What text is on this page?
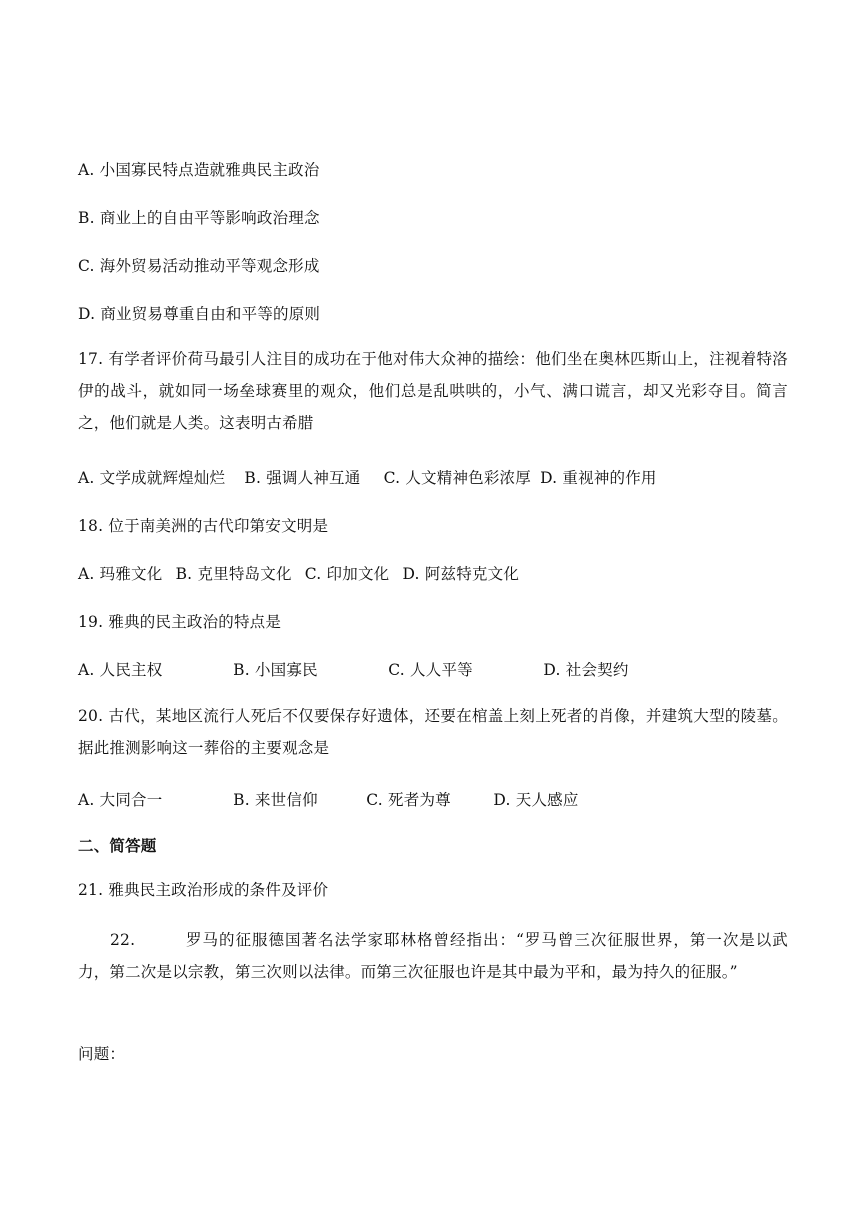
A. 小国寡民特点造就雅典民主政治
B. 商业上的自由平等影响政治理念
C. 海外贸易活动推动平等观念形成
D. 商业贸易尊重自由和平等的原则
17. 有学者评价荷马最引人注目的成功在于他对伟大众神的描绘：他们坐在奥林匹斯山上，注视着特洛伊的战斗，就如同一场垒球赛里的观众，他们总是乱哄哄的，小气、满口谎言，却又光彩夺目。简言之，他们就是人类。这表明古希腊
A. 文学成就辉煌灿烂 B. 强调人神互通 C. 人文精神色彩浓厚 D. 重视神的作用
18. 位于南美洲的古代印第安文明是
A. 玛雅文化 B. 克里特岛文化 C. 印加文化 D. 阿兹特克文化
19. 雅典的民主政治的特点是
A. 人民主权	B. 小国寡民	C. 人人平等	D. 社会契约
20. 古代，某地区流行人死后不仅要保存好遗体，还要在棺盖上刻上死者的肖像，并建筑大型的陵墓。据此推测影响这一葬俗的主要观念是
A. 大同合一	B. 来世信仰	C. 死者为尊	D. 天人感应
二、简答题
21. 雅典民主政治形成的条件及评价
22.	罗马的征服德国著名法学家耶林格曾经指出：“罗马曾三次征服世界，第一次是以武力，第二次是以宗教，第三次则以法律。而第三次征服也许是其中最为平和，最为持久的征服。”
问题：
